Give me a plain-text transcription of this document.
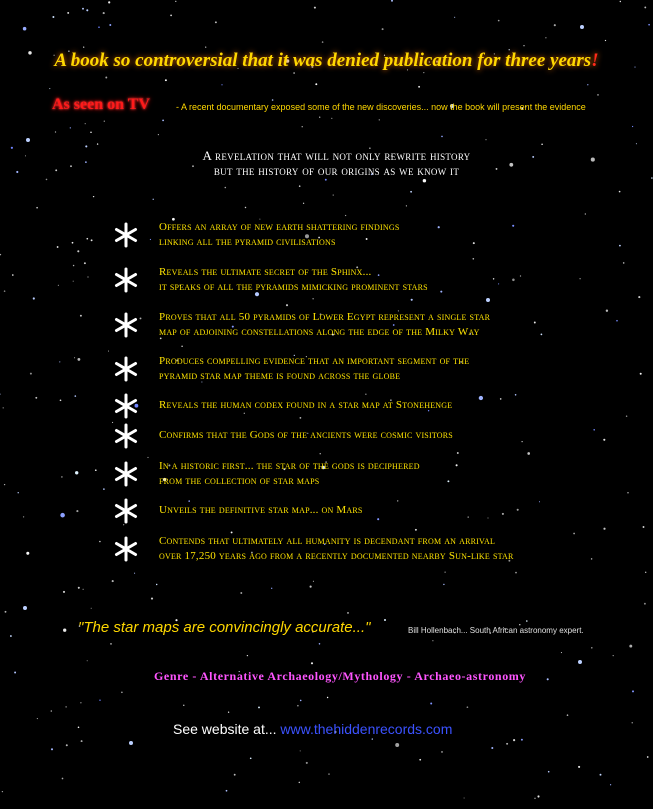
A book so controversial that it was denied publication for three years!
As seen on TV	- A recent documentary exposed some of the new discoveries... now the book will present the evidence
A revelation that will not only rewrite history
but the history of our origins as we know it
Offers an array of new earth shattering findings
linking all the pyramid civilisations
Reveals the ultimate secret of the Sphinx...
it speaks of all the pyramids mimicking prominent stars
Proves that all 50 pyramids of Lower Egypt represent a single star
map of adjoining constellations along the edge of the Milky Way
Produces compelling evidence that an important segment of the
pyramid star map theme is found across the globe
Reveals the human codex found in a star map at Stonehenge
Confirms that the Gods of the ancients were cosmic visitors
In a historic first... the star of the gods is deciphered
from the collection of star maps
Unveils the definitive star map... on Mars
Contends that ultimately all humanity is decendant from an arrival
over 17,250 years ago from a recently documented nearby Sun-like star
"The star maps are convincingly accurate..."	Bill Hollenbach... South African astronomy expert.
Genre - Alternative Archaeology/Mythology - Archaeo-astronomy
See website at... www.thehiddenrecords.com
